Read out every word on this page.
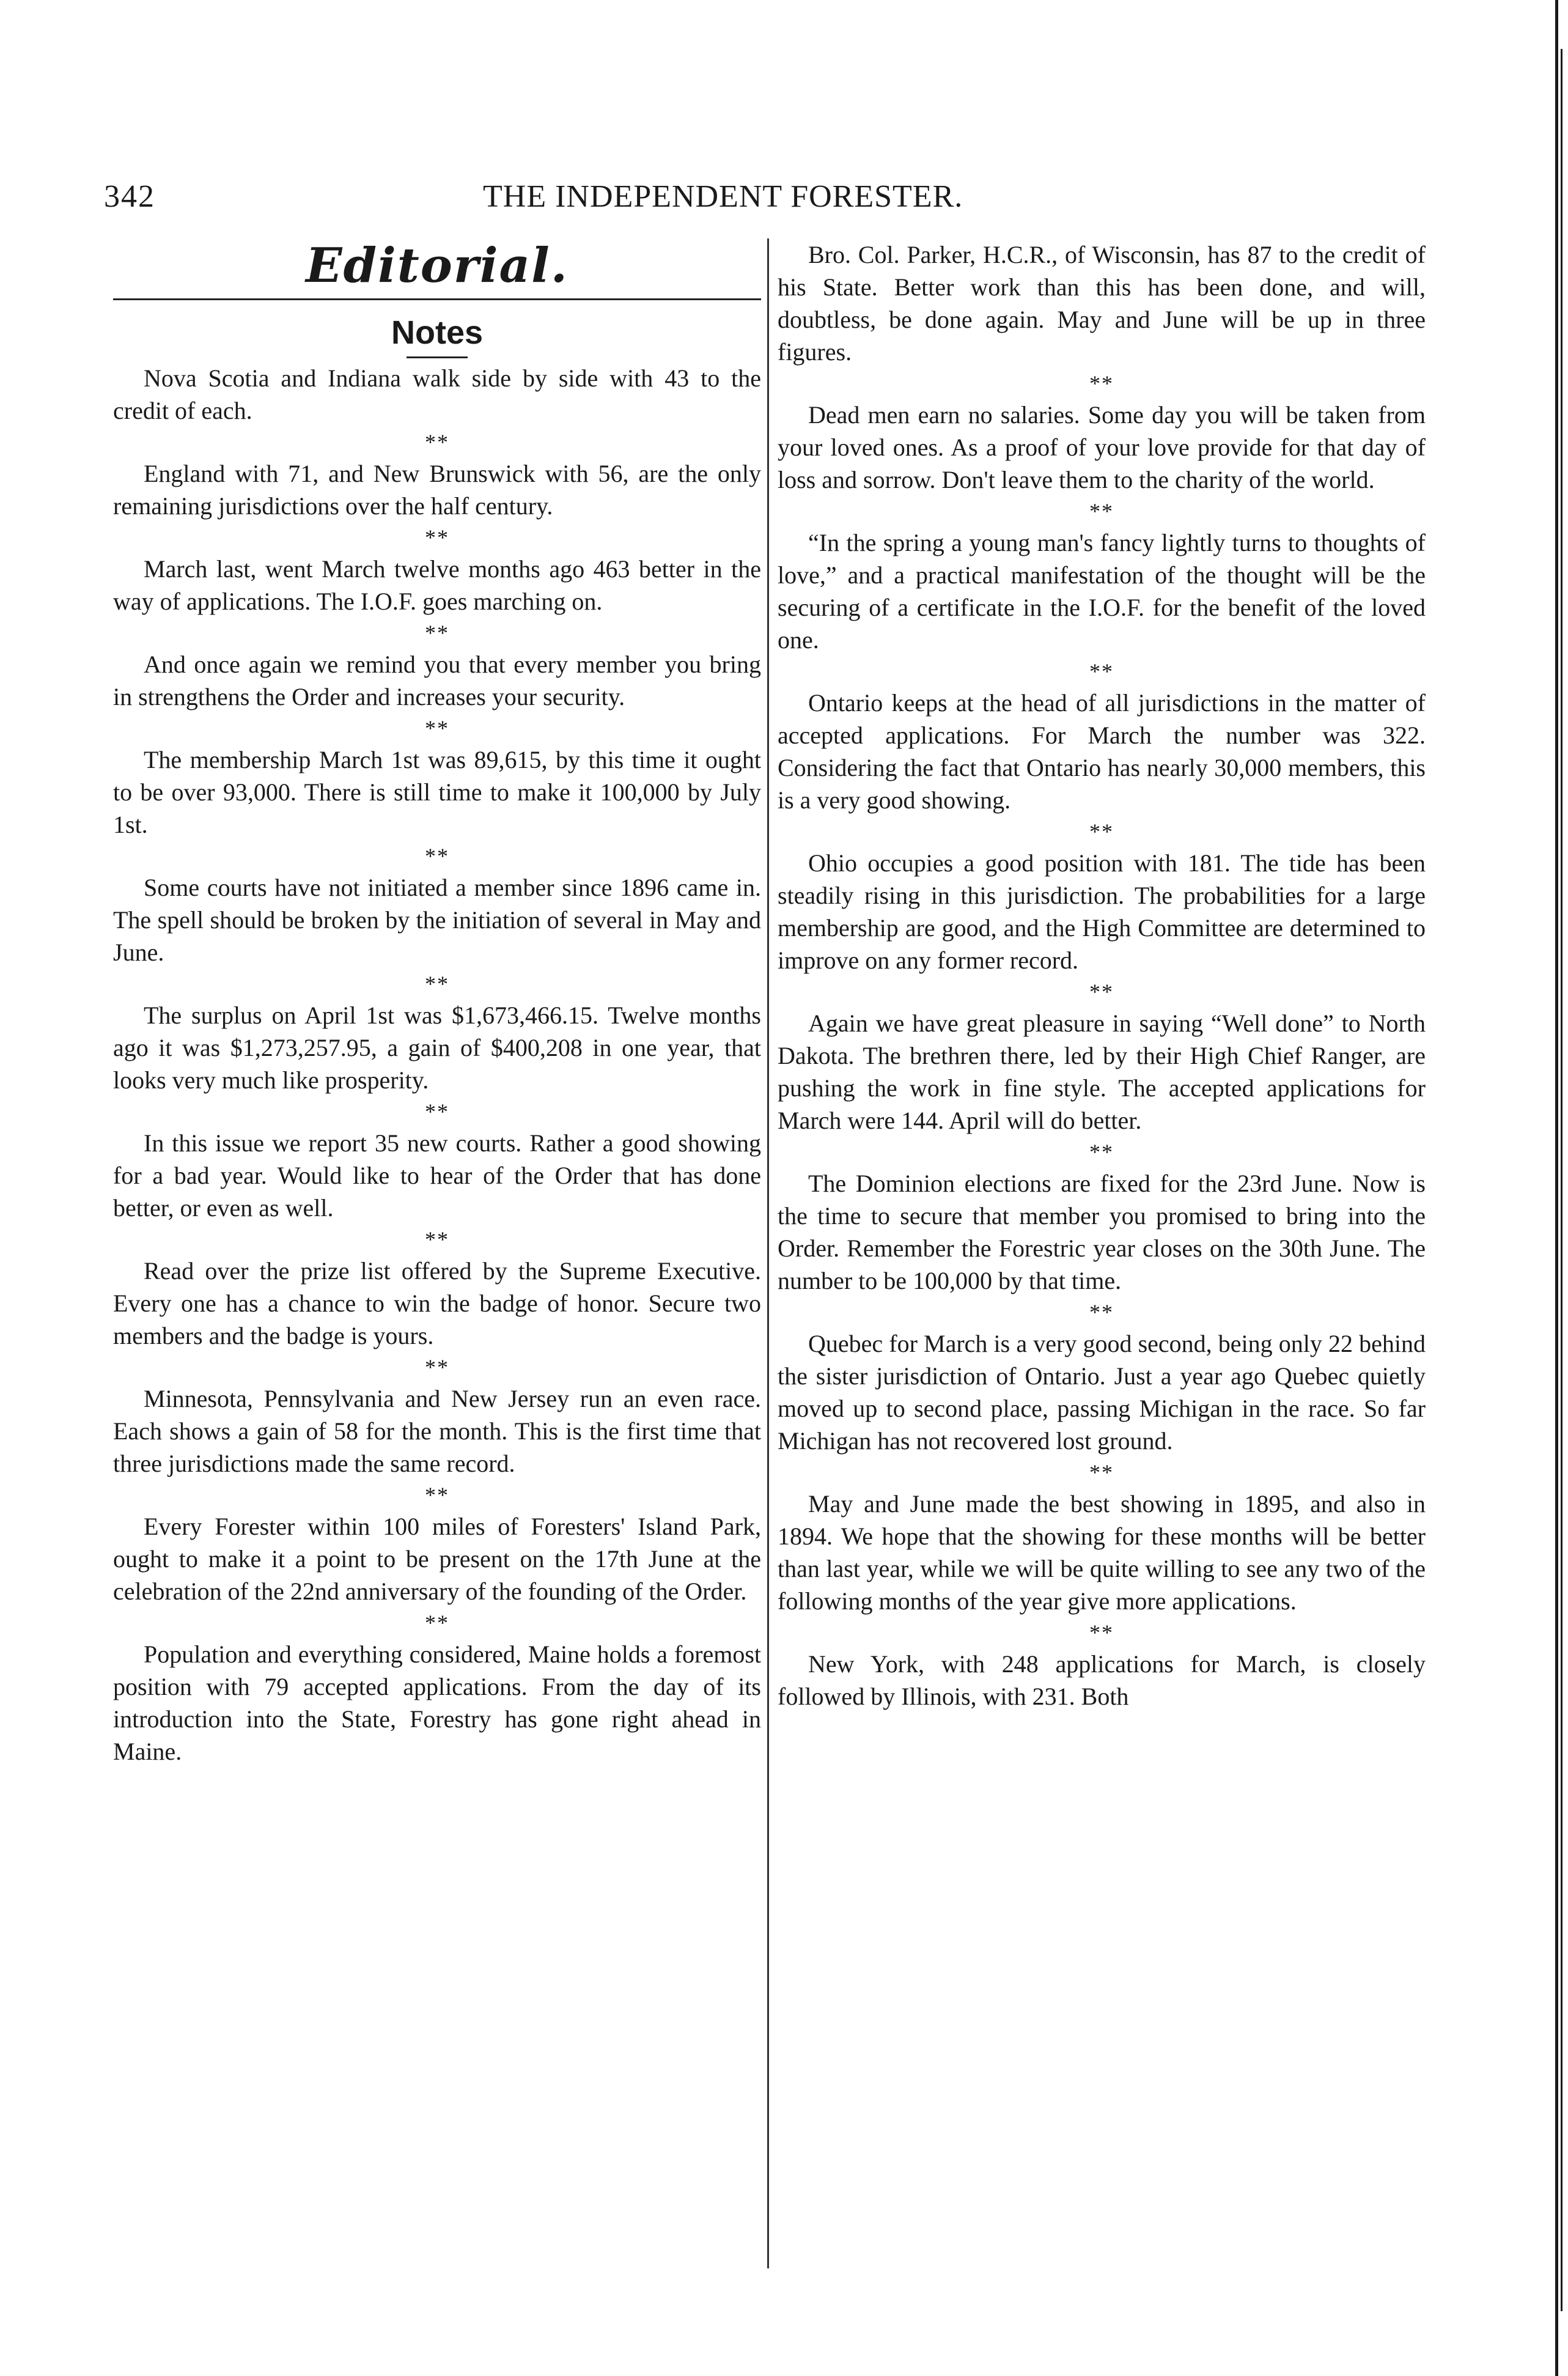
342	THE INDEPENDENT FORESTER.
Editorial.
Notes

Nova Scotia and Indiana walk side by side with 43 to the credit of each.

**

England with 71, and New Brunswick with 56, are the only remaining jurisdictions over the half century.

**

March last, went March twelve months ago 463 better in the way of applications. The I.O.F. goes marching on.

**

And once again we remind you that every member you bring in strengthens the Order and increases your security.

**

The membership March 1st was 89,615, by this time it ought to be over 93,000. There is still time to make it 100,000 by July 1st.

**

Some courts have not initiated a member since 1896 came in. The spell should be broken by the initiation of several in May and June.

**

The surplus on April 1st was $1,673,466.15. Twelve months ago it was $1,273,257.95, a gain of $400,208 in one year, that looks very much like prosperity.

**

In this issue we report 35 new courts. Rather a good showing for a bad year. Would like to hear of the Order that has done better, or even as well.

**

Read over the prize list offered by the Supreme Executive. Every one has a chance to win the badge of honor. Secure two members and the badge is yours.

**

Minnesota, Pennsylvania and New Jersey run an even race. Each shows a gain of 58 for the month. This is the first time that three jurisdictions made the same record.

**

Every Forester within 100 miles of Foresters' Island Park, ought to make it a point to be present on the 17th June at the celebration of the 22nd anniversary of the founding of the Order.

**

Population and everything considered, Maine holds a foremost position with 79 accepted applications. From the day of its introduction into the State, Forestry has gone right ahead in Maine.

Bro. Col. Parker, H.C.R., of Wisconsin, has 87 to the credit of his State. Better work than this has been done, and will, doubtless, be done again. May and June will be up in three figures.

**

Dead men earn no salaries. Some day you will be taken from your loved ones. As a proof of your love provide for that day of loss and sorrow. Don't leave them to the charity of the world.

**

“In the spring a young man's fancy lightly turns to thoughts of love,” and a practical manifestation of the thought will be the securing of a certificate in the I.O.F. for the benefit of the loved one.

**

Ontario keeps at the head of all jurisdictions in the matter of accepted applications. For March the number was 322. Considering the fact that Ontario has nearly 30,000 members, this is a very good showing.

**

Ohio occupies a good position with 181. The tide has been steadily rising in this jurisdiction. The probabilities for a large membership are good, and the High Committee are determined to improve on any former record.

**

Again we have great pleasure in saying “Well done” to North Dakota. The brethren there, led by their High Chief Ranger, are pushing the work in fine style. The accepted applications for March were 144. April will do better.

**

The Dominion elections are fixed for the 23rd June. Now is the time to secure that member you promised to bring into the Order. Remember the Forestric year closes on the 30th June. The number to be 100,000 by that time.

**

Quebec for March is a very good second, being only 22 behind the sister jurisdiction of Ontario. Just a year ago Quebec quietly moved up to second place, passing Michigan in the race. So far Michigan has not recovered lost ground.

**

May and June made the best showing in 1895, and also in 1894. We hope that the showing for these months will be better than last year, while we will be quite willing to see any two of the following months of the year give more applications.

**

New York, with 248 applications for March, is closely followed by Illinois, with 231. Both
